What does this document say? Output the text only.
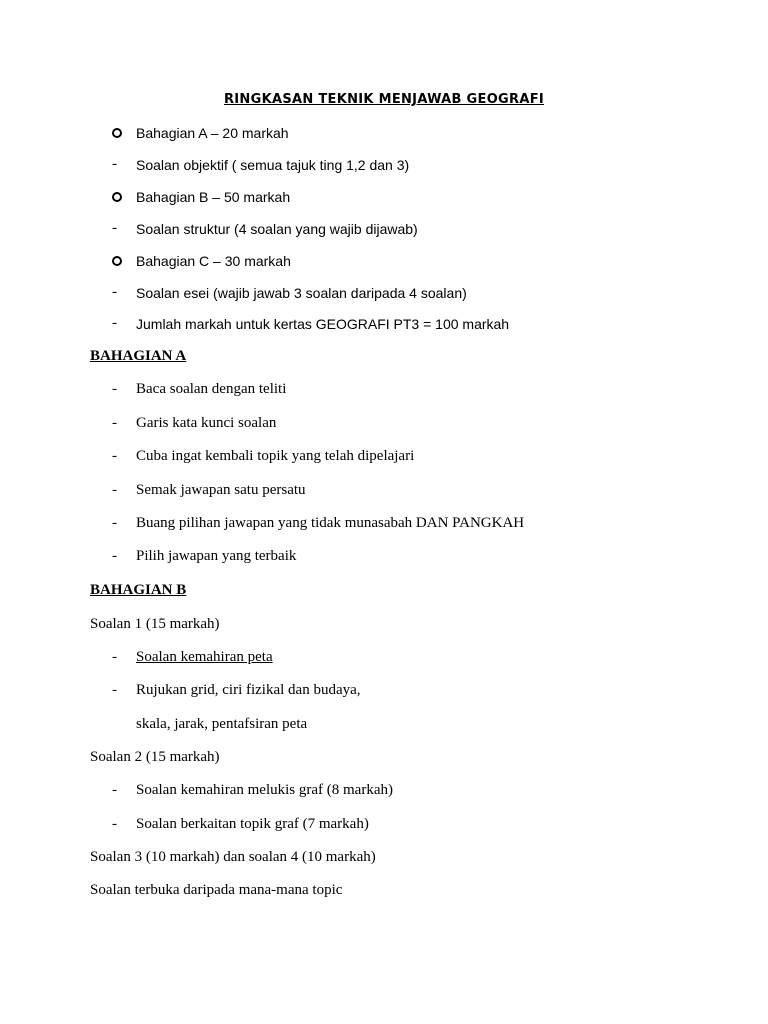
RINGKASAN TEKNIK MENJAWAB GEOGRAFI
Bahagian A – 20 markah
- Soalan objektif ( semua tajuk ting 1,2 dan 3)
Bahagian B – 50 markah
- Soalan struktur (4 soalan yang wajib dijawab)
Bahagian C – 30 markah
- Soalan esei (wajib jawab 3 soalan daripada 4 soalan)
- Jumlah markah untuk kertas GEOGRAFI PT3 = 100 markah
BAHAGIAN A
- Baca soalan dengan teliti
- Garis kata kunci soalan
- Cuba ingat kembali topik yang telah dipelajari
- Semak jawapan satu persatu
- Buang pilihan jawapan yang tidak munasabah DAN PANGKAH
- Pilih jawapan yang terbaik
BAHAGIAN B
Soalan 1 (15 markah)
- Soalan kemahiran peta
- Rujukan grid, ciri fizikal dan budaya,
skala, jarak, pentafsiran peta
Soalan 2 (15 markah)
- Soalan kemahiran melukis graf (8 markah)
- Soalan berkaitan topik graf (7 markah)
Soalan 3 (10 markah) dan soalan 4 (10 markah)
Soalan terbuka daripada mana-mana topic
